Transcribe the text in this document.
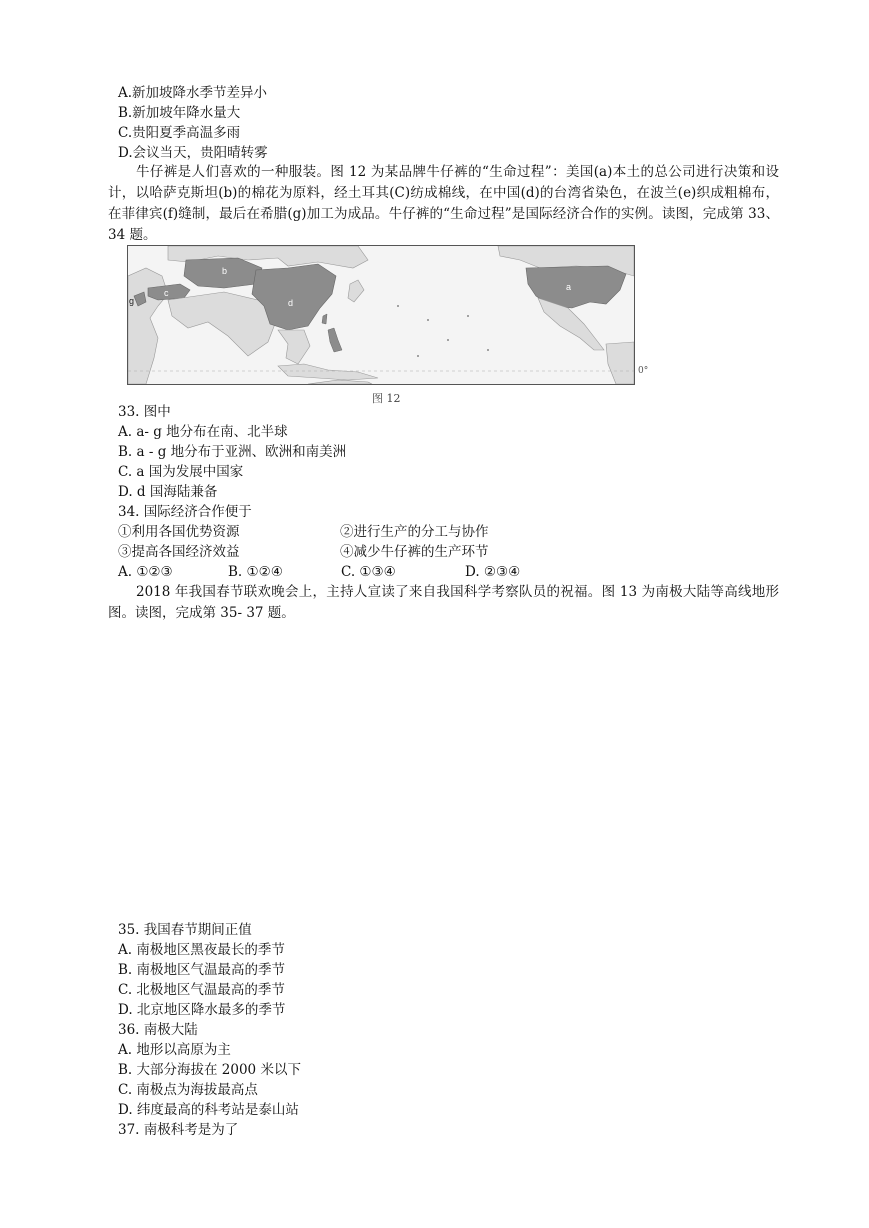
A.新加坡降水季节差异小
B.新加坡年降水量大
C.贵阳夏季高温多雨
D.会议当天，贵阳晴转雾
牛仔裤是人们喜欢的一种服装。图 12 为某品牌牛仔裤的“生命过程”：美国(a)本土的总公司进行决策和设计，以哈萨克斯坦(b)的棉花为原料，经土耳其(C)纺成棉线，在中国(d)的台湾省染色，在波兰(e)织成粗棉布，在菲律宾(f)缝制，最后在希腊(g)加工为成品。牛仔裤的“生命过程”是国际经济合作的实例。读图，完成第 33、34 题。
a
b
c
d
g
0°
图 12
33. 图中
A. a- g 地分布在南、北半球
B. a - g 地分布于亚洲、欧洲和南美洲
C. a 国为发展中国家
D. d 国海陆兼备
34. 国际经济合作便于
①利用各国优势资源	②进行生产的分工与协作
③提高各国经济效益	④减少牛仔裤的生产环节
A. ①②③	B. ①②④	C. ①③④	D. ②③④
2018 年我国春节联欢晚会上，主持人宣读了来自我国科学考察队员的祝福。图 13 为南极大陆等高线地形图。读图，完成第 35- 37 题。
35. 我国春节期间正值
A. 南极地区黑夜最长的季节
B. 南极地区气温最高的季节
C. 北极地区气温最高的季节
D. 北京地区降水最多的季节
36. 南极大陆
A. 地形以高原为主
B. 大部分海拔在 2000 米以下
C. 南极点为海拔最高点
D. 纬度最高的科考站是泰山站
37. 南极科考是为了
